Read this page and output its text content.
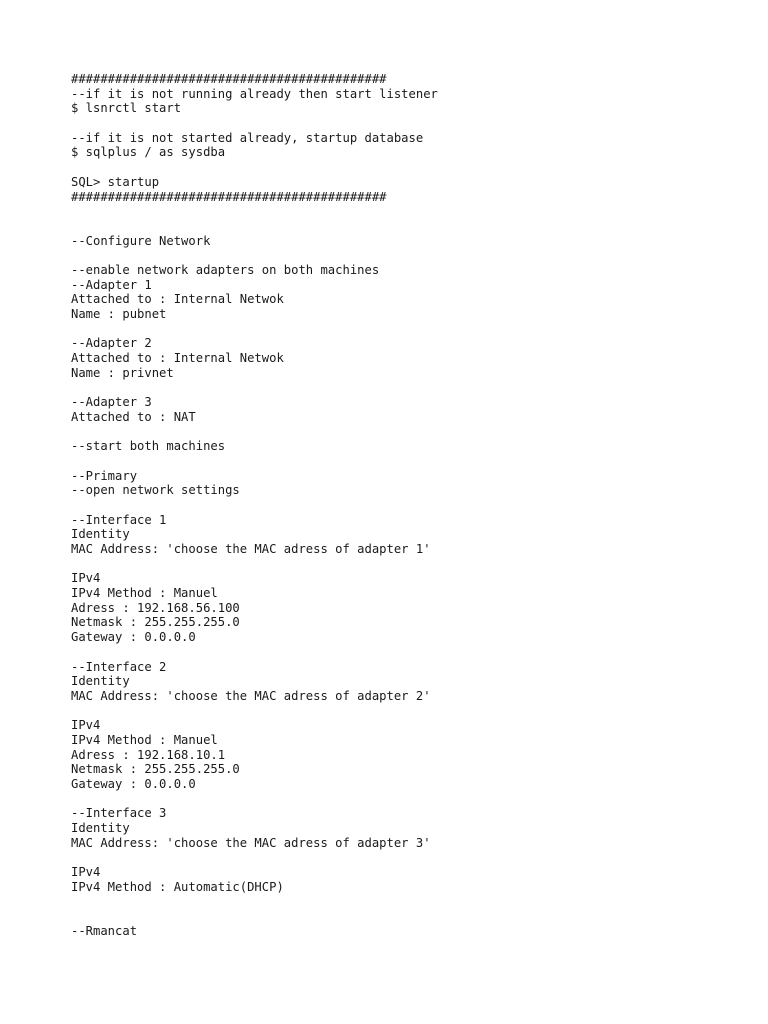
###########################################
--if it is not running already then start listener
$ lsnrctl start
--if it is not started already, startup database
$ sqlplus / as sysdba
SQL> startup
###########################################
--Configure Network
--enable network adapters on both machines
--Adapter 1
Attached to : Internal Netwok
Name : pubnet
--Adapter 2
Attached to : Internal Netwok
Name : privnet
--Adapter 3
Attached to : NAT
--start both machines
--Primary
--open network settings
--Interface 1
Identity
MAC Address: 'choose the MAC adress of adapter 1'
IPv4
IPv4 Method : Manuel
Adress : 192.168.56.100
Netmask : 255.255.255.0
Gateway : 0.0.0.0
--Interface 2
Identity
MAC Address: 'choose the MAC adress of adapter 2'
IPv4
IPv4 Method : Manuel
Adress : 192.168.10.1
Netmask : 255.255.255.0
Gateway : 0.0.0.0
--Interface 3
Identity
MAC Address: 'choose the MAC adress of adapter 3'
IPv4
IPv4 Method : Automatic(DHCP)
--Rmancat
